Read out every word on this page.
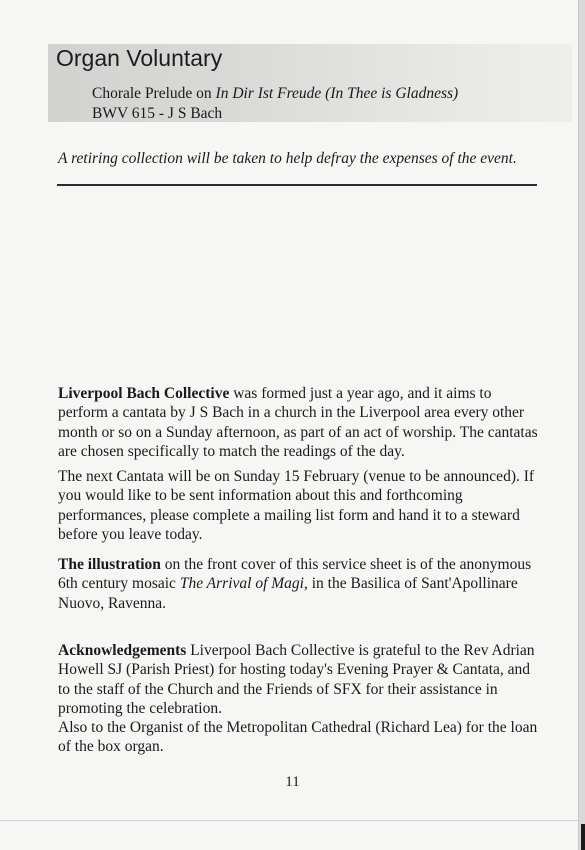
Organ Voluntary
Chorale Prelude on In Dir Ist Freude (In Thee is Gladness)
BWV 615 - J S Bach
A retiring collection will be taken to help defray the expenses of the event.

Liverpool Bach Collective was formed just a year ago, and it aims to perform a cantata by J S Bach in a church in the Liverpool area every other month or so on a Sunday afternoon, as part of an act of worship. The cantatas are chosen specifically to match the readings of the day.

The next Cantata will be on Sunday 15 February (venue to be announced). If you would like to be sent information about this and forthcoming performances, please complete a mailing list form and hand it to a steward before you leave today.

The illustration on the front cover of this service sheet is of the anonymous 6th century mosaic The Arrival of Magi, in the Basilica of Sant'Apollinare Nuovo, Ravenna.

Acknowledgements Liverpool Bach Collective is grateful to the Rev Adrian Howell SJ (Parish Priest) for hosting today's Evening Prayer & Cantata, and to the staff of the Church and the Friends of SFX for their assistance in promoting the celebration.

Also to the Organist of the Metropolitan Cathedral (Richard Lea) for the loan of the box organ.

11
